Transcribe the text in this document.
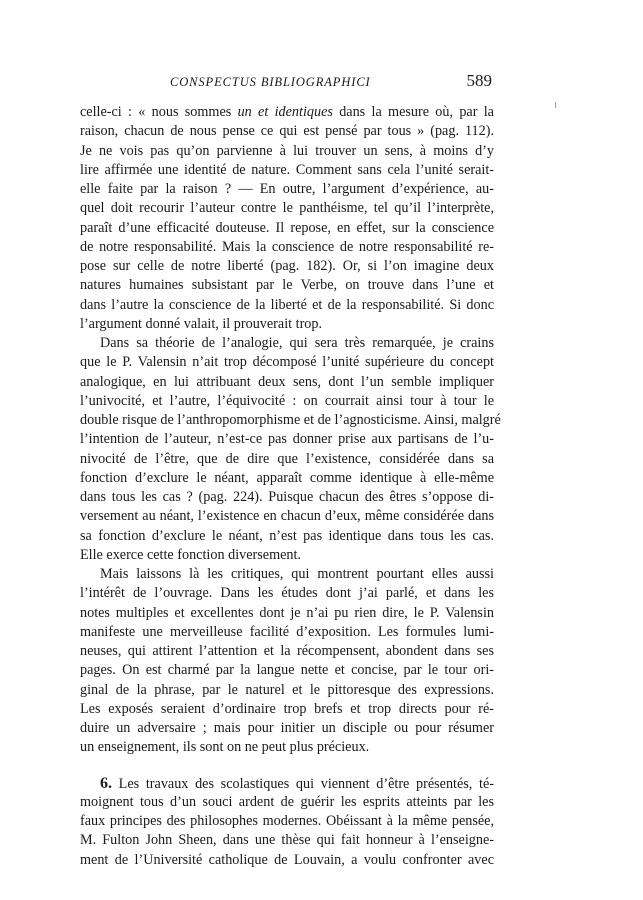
CONSPECTUS BIBLIOGRAPHICI	589
celle-ci : « nous sommes un et identiques dans la mesure où, par la
raison, chacun de nous pense ce qui est pensé par tous » (pag. 112).
Je ne vois pas qu’on parvienne à lui trouver un sens, à moins d’y
lire affirmée une identité de nature. Comment sans cela l’unité serait-
elle faite par la raison ? — En outre, l’argument d’expérience, au-
quel doit recourir l’auteur contre le panthéisme, tel qu’il l’interprète,
paraît d’une efficacité douteuse. Il repose, en effet, sur la conscience
de notre responsabilité. Mais la conscience de notre responsabilité re-
pose sur celle de notre liberté (pag. 182). Or, si l’on imagine deux
natures humaines subsistant par le Verbe, on trouve dans l’une et
dans l’autre la conscience de la liberté et de la responsabilité. Si donc
l’argument donné valait, il prouverait trop.
Dans sa théorie de l’analogie, qui sera très remarquée, je crains
que le P. Valensin n’ait trop décomposé l’unité supérieure du concept
analogique, en lui attribuant deux sens, dont l’un semble impliquer
l’univocité, et l’autre, l’équivocité : on courrait ainsi tour à tour le
double risque de l’anthropomorphisme et de l’agnosticisme. Ainsi, malgré
l’intention de l’auteur, n’est-ce pas donner prise aux partisans de l’u-
nivocité de l’être, que de dire que l’existence, considérée dans sa
fonction d’exclure le néant, apparaît comme identique à elle-même
dans tous les cas ? (pag. 224). Puisque chacun des êtres s’oppose di-
versement au néant, l’existence en chacun d’eux, même considérée dans
sa fonction d’exclure le néant, n’est pas identique dans tous les cas.
Elle exerce cette fonction diversement.
Mais laissons là les critiques, qui montrent pourtant elles aussi
l’intérêt de l’ouvrage. Dans les études dont j’ai parlé, et dans les
notes multiples et excellentes dont je n’ai pu rien dire, le P. Valensin
manifeste une merveilleuse facilité d’exposition. Les formules lumi-
neuses, qui attirent l’attention et la récompensent, abondent dans ses
pages. On est charmé par la langue nette et concise, par le tour ori-
ginal de la phrase, par le naturel et le pittoresque des expressions.
Les exposés seraient d’ordinaire trop brefs et trop directs pour ré-
duire un adversaire ; mais pour initier un disciple ou pour résumer
un enseignement, ils sont on ne peut plus précieux.
6. Les travaux des scolastiques qui viennent d’être présentés, té-
moignent tous d’un souci ardent de guérir les esprits atteints par les
faux principes des philosophes modernes. Obéissant à la même pensée,
M. Fulton John Sheen, dans une thèse qui fait honneur à l’enseigne-
ment de l’Université catholique de Louvain, a voulu confronter avec
